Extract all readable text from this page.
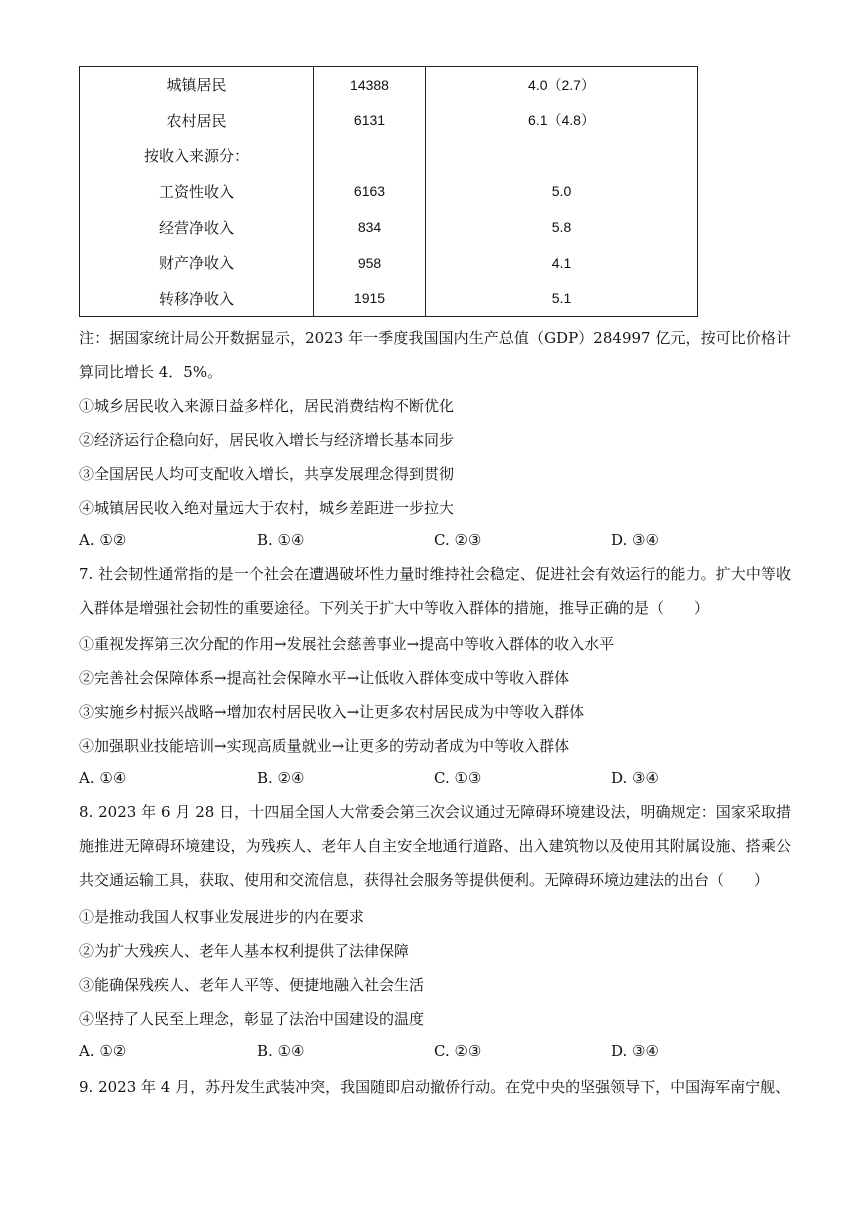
城镇居民	14388	4.0（2.7）
农村居民	6131	6.1（4.8）
按收入来源分：		
工资性收入	6163	5.0
经营净收入	834	5.8
财产净收入	958	4.1
转移净收入	1915	5.1
注：据国家统计局公开数据显示，2023 年一季度我国国内生产总值（GDP）284997 亿元，按可比价格计算同比增长 4．5%。
①城乡居民收入来源日益多样化，居民消费结构不断优化
②经济运行企稳向好，居民收入增长与经济增长基本同步
③全国居民人均可支配收入增长，共享发展理念得到贯彻
④城镇居民收入绝对量远大于农村，城乡差距进一步拉大
A. ①②	B. ①④	C. ②③	D. ③④
7. 社会韧性通常指的是一个社会在遭遇破坏性力量时维持社会稳定、促进社会有效运行的能力。扩大中等收入群体是增强社会韧性的重要途径。下列关于扩大中等收入群体的措施，推导正确的是（　　）
①重视发挥第三次分配的作用→发展社会慈善事业→提高中等收入群体的收入水平
②完善社会保障体系→提高社会保障水平→让低收入群体变成中等收入群体
③实施乡村振兴战略→增加农村居民收入→让更多农村居民成为中等收入群体
④加强职业技能培训→实现高质量就业→让更多的劳动者成为中等收入群体
A. ①④	B. ②④	C. ①③	D. ③④
8. 2023 年 6 月 28 日，十四届全国人大常委会第三次会议通过无障碍环境建设法，明确规定：国家采取措施推进无障碍环境建设，为残疾人、老年人自主安全地通行道路、出入建筑物以及使用其附属设施、搭乘公共交通运输工具，获取、使用和交流信息，获得社会服务等提供便利。无障碍环境边建法的出台（　　）
①是推动我国人权事业发展进步的内在要求
②为扩大残疾人、老年人基本权利提供了法律保障
③能确保残疾人、老年人平等、便捷地融入社会生活
④坚持了人民至上理念，彰显了法治中国建设的温度
A. ①②	B. ①④	C. ②③	D. ③④
9. 2023 年 4 月，苏丹发生武装冲突，我国随即启动撤侨行动。在党中央的坚强领导下，中国海军南宁舰、
